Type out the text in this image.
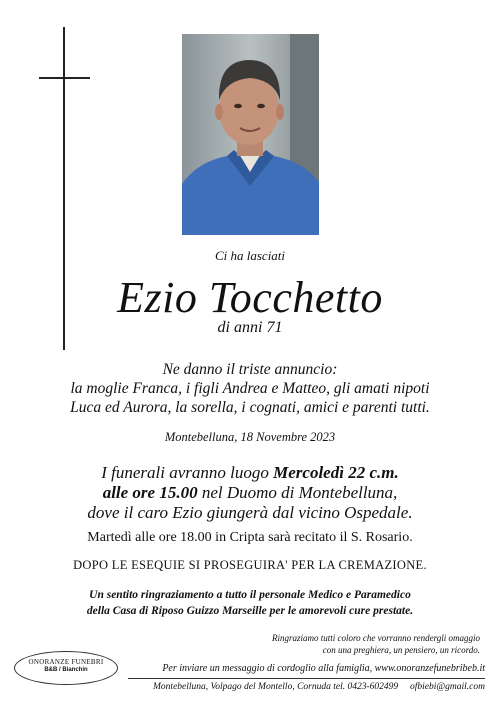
Ci ha lasciati
Ezio Tocchetto
di anni 71
Ne danno il triste annuncio:
la moglie Franca, i figli Andrea e Matteo, gli amati nipoti
Luca ed Aurora, la sorella, i cognati, amici e parenti tutti.
Montebelluna, 18 Novembre 2023
I funerali avranno luogo Mercoledì 22 c.m.
alle ore 15.00 nel Duomo di Montebelluna,
dove il caro Ezio giungerà dal vicino Ospedale.
Martedì alle ore 18.00 in Cripta sarà recitato il S. Rosario.
DOPO LE ESEQUIE SI PROSEGUIRA' PER LA CREMAZIONE.
Un sentito ringraziamento a tutto il personale Medico e Paramedico
della Casa di Riposo Guizzo Marseille per le amorevoli cure prestate.
Ringraziamo tutti coloro che vorranno rendergli omaggio
con una preghiera, un pensiero, un ricordo.
ONORANZE FUNEBRI
B&B / Bianchin	Per inviare un messaggio di cordoglio alla famiglia, www.onoranzefunebribeb.it
Montebelluna, Volpago del Montello, Cornuda tel. 0423-602499 ofbiebi@gmail.com
